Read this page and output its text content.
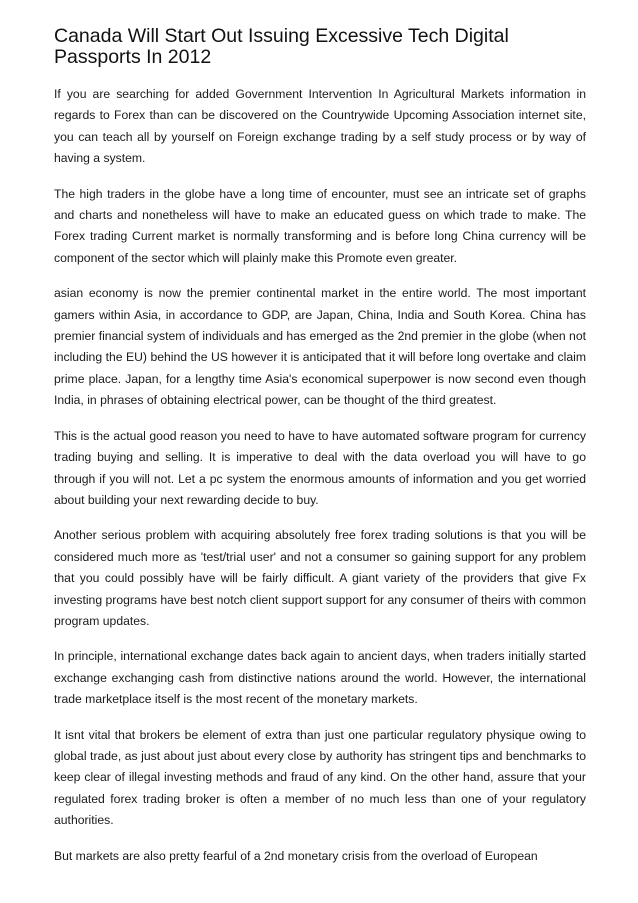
Canada Will Start Out Issuing Excessive Tech Digital Passports In 2012

If you are searching for added Government Intervention In Agricultural Markets information in regards to Forex than can be discovered on the Countrywide Upcoming Association internet site, you can teach all by yourself on Foreign exchange trading by a self study process or by way of having a system.

The high traders in the globe have a long time of encounter, must see an intricate set of graphs and charts and nonetheless will have to make an educated guess on which trade to make. The Forex trading Current market is normally transforming and is before long China currency will be component of the sector which will plainly make this Promote even greater.

asian economy is now the premier continental market in the entire world. The most important gamers within Asia, in accordance to GDP, are Japan, China, India and South Korea. China has premier financial system of individuals and has emerged as the 2nd premier in the globe (when not including the EU) behind the US however it is anticipated that it will before long overtake and claim prime place. Japan, for a lengthy time Asia's economical superpower is now second even though India, in phrases of obtaining electrical power, can be thought of the third greatest.

This is the actual good reason you need to have to have automated software program for currency trading buying and selling. It is imperative to deal with the data overload you will have to go through if you will not. Let a pc system the enormous amounts of information and you get worried about building your next rewarding decide to buy.

Another serious problem with acquiring absolutely free forex trading solutions is that you will be considered much more as 'test/trial user' and not a consumer so gaining support for any problem that you could possibly have will be fairly difficult. A giant variety of the providers that give Fx investing programs have best notch client support support for any consumer of theirs with common program updates.

In principle, international exchange dates back again to ancient days, when traders initially started exchange exchanging cash from distinctive nations around the world. However, the international trade marketplace itself is the most recent of the monetary markets.

It isnt vital that brokers be element of extra than just one particular regulatory physique owing to global trade, as just about just about every close by authority has stringent tips and benchmarks to keep clear of illegal investing methods and fraud of any kind. On the other hand, assure that your regulated forex trading broker is often a member of no much less than one of your regulatory authorities.

But markets are also pretty fearful of a 2nd monetary crisis from the overload of European
